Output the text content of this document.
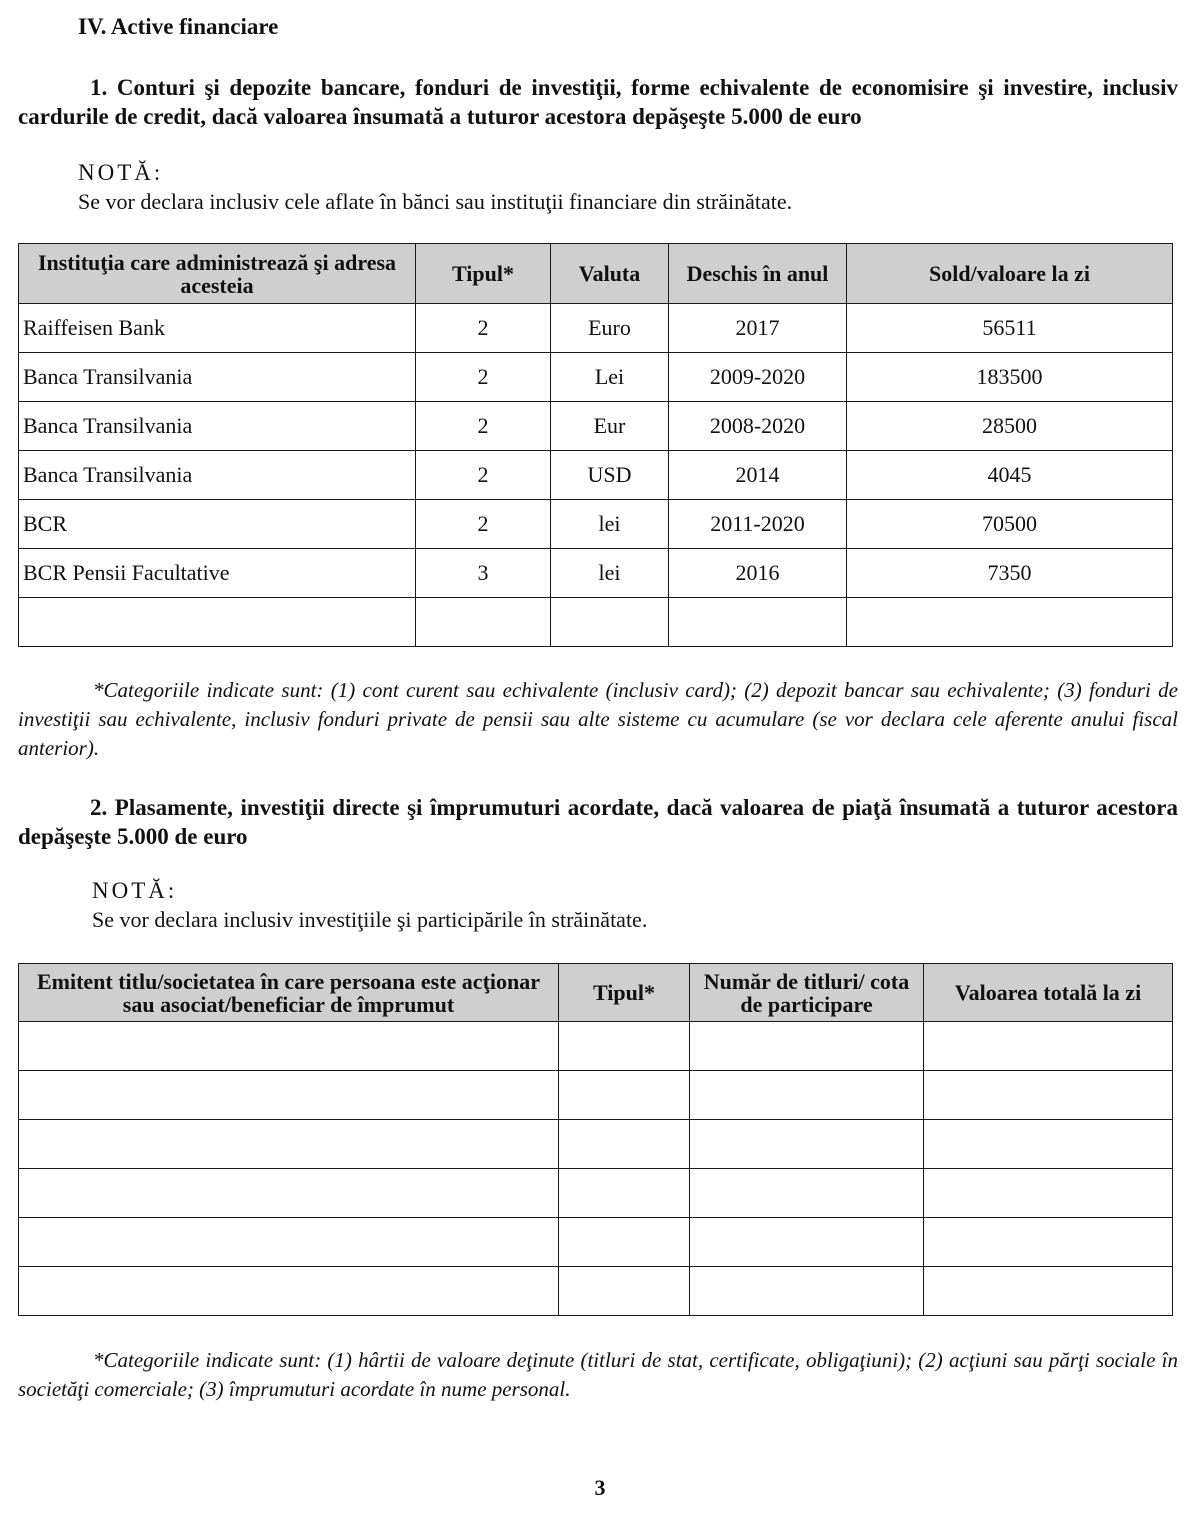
IV. Active financiare
1. Conturi şi depozite bancare, fonduri de investiţii, forme echivalente de economisire şi investire, inclusiv cardurile de credit, dacă valoarea însumată a tuturor acestora depăşeşte 5.000 de euro
NOTĂ:
Se vor declara inclusiv cele aflate în bănci sau instituţii financiare din străinătate.
Instituţia care administrează şi adresa acesteia	Tipul*	Valuta	Deschis în anul	Sold/valoare la zi
Raiffeisen Bank	2	Euro	2017	56511
Banca Transilvania	2	Lei	2009-2020	183500
Banca Transilvania	2	Eur	2008-2020	28500
Banca Transilvania	2	USD	2014	4045
BCR	2	lei	2011-2020	70500
BCR Pensii Facultative	3	lei	2016	7350

*Categoriile indicate sunt: (1) cont curent sau echivalente (inclusiv card); (2) depozit bancar sau echivalente; (3) fonduri de investiţii sau echivalente, inclusiv fonduri private de pensii sau alte sisteme cu acumulare (se vor declara cele aferente anului fiscal anterior).
2. Plasamente, investiţii directe şi împrumuturi acordate, dacă valoarea de piaţă însumată a tuturor acestora depăşeşte 5.000 de euro
NOTĂ:
Se vor declara inclusiv investiţiile şi participările în străinătate.
Emitent titlu/societatea în care persoana este acţionar sau asociat/beneficiar de împrumut	Tipul*	Număr de titluri/ cota de participare	Valoarea totală la zi

*Categoriile indicate sunt: (1) hârtii de valoare deţinute (titluri de stat, certificate, obligaţiuni); (2) acţiuni sau părţi sociale în societăţi comerciale; (3) împrumuturi acordate în nume personal.
3
